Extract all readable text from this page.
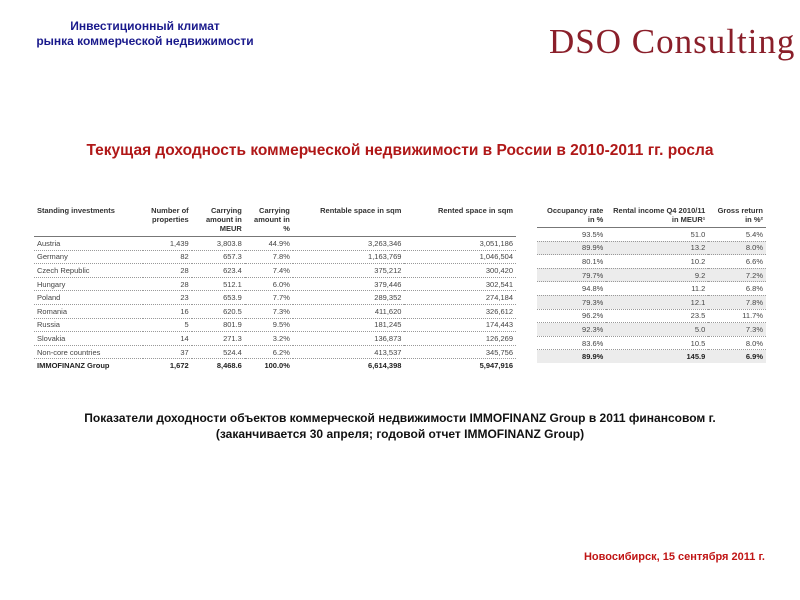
Инвестиционный климат
рынка коммерческой недвижимости	DSO Consulting
Текущая доходность коммерческой недвижимости в России в 2010-2011 гг. росла
Standing investments	Number of properties	Carrying amount in MEUR	Carrying amount in %	Rentable space in sqm	Rented space in sqm
Austria	1,439	3,803.8	44.9%	3,263,346	3,051,186
Germany	82	657.3	7.8%	1,163,769	1,046,504
Czech Republic	28	623.4	7.4%	375,212	300,420
Hungary	28	512.1	6.0%	379,446	302,541
Poland	23	653.9	7.7%	289,352	274,184
Romania	16	620.5	7.3%	411,620	326,612
Russia	5	801.9	9.5%	181,245	174,443
Slovakia	14	271.3	3.2%	136,873	126,269
Non-core countries	37	524.4	6.2%	413,537	345,756
IMMOFINANZ Group	1,672	8,468.6	100.0%	6,614,398	5,947,916
Occupancy rate in %	Rental income Q4 2010/11 in MEUR¹	Gross return in %²
93.5%	51.0	5.4%
89.9%	13.2	8.0%
80.1%	10.2	6.6%
79.7%	9.2	7.2%
94.8%	11.2	6.8%
79.3%	12.1	7.8%
96.2%	23.5	11.7%
92.3%	5.0	7.3%
83.6%	10.5	8.0%
89.9%	145.9	6.9%
Показатели доходности объектов коммерческой недвижимости IMMOFINANZ Group в 2011 финансовом г.
(заканчивается 30 апреля; годовой отчет IMMOFINANZ Group)
Новосибирск, 15 сентября 2011 г.
